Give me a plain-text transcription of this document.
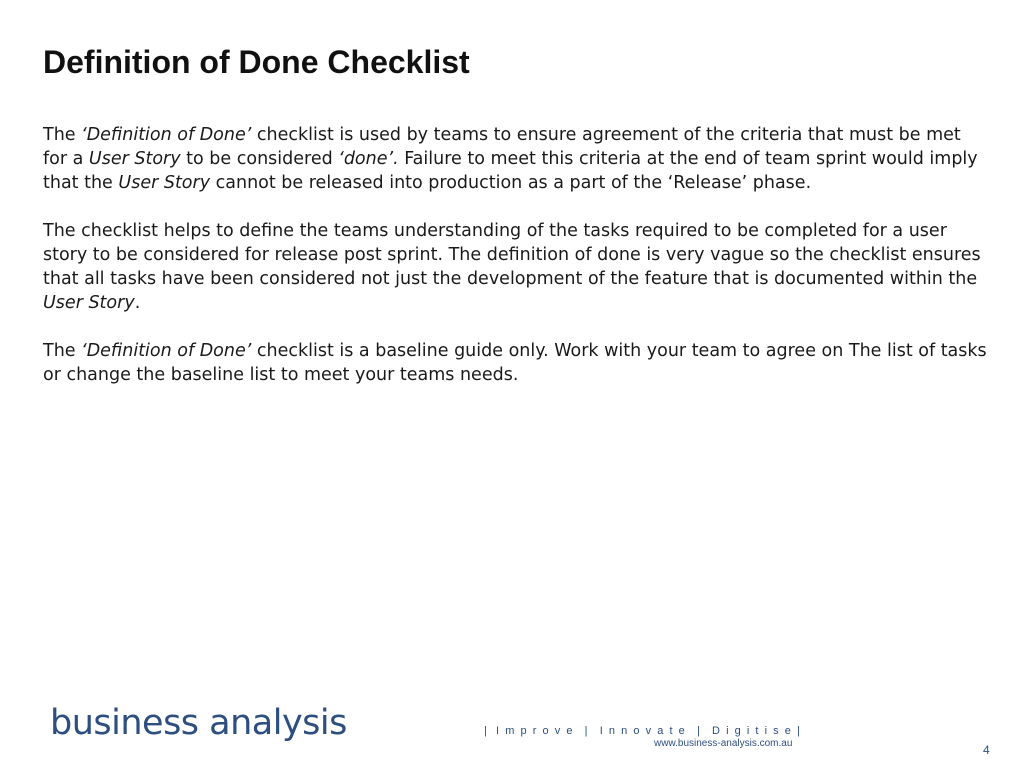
Definition of Done Checklist

The ‘Definition of Done’ checklist is used by teams to ensure agreement of the criteria that must be met for a User Story to be considered ‘done’. Failure to meet this criteria at the end of team sprint would imply that the User Story cannot be released into production as a part of the ‘Release’ phase.

The checklist helps to define the teams understanding of the tasks required to be completed for a user story to be considered for release post sprint. The definition of done is very vague so the checklist ensures that all tasks have been considered not just the development of the feature that is documented within the User Story.

The ‘Definition of Done’ checklist is a baseline guide only. Work with your team to agree on The list of tasks or change the baseline list to meet your teams needs.

business analysis	|   I  m  p  r  o  v  e    |    I  n  n  o  v  a  t  e    |    D  i  g  i  t  i  s  e  |
www.business-analysis.com.au	4
